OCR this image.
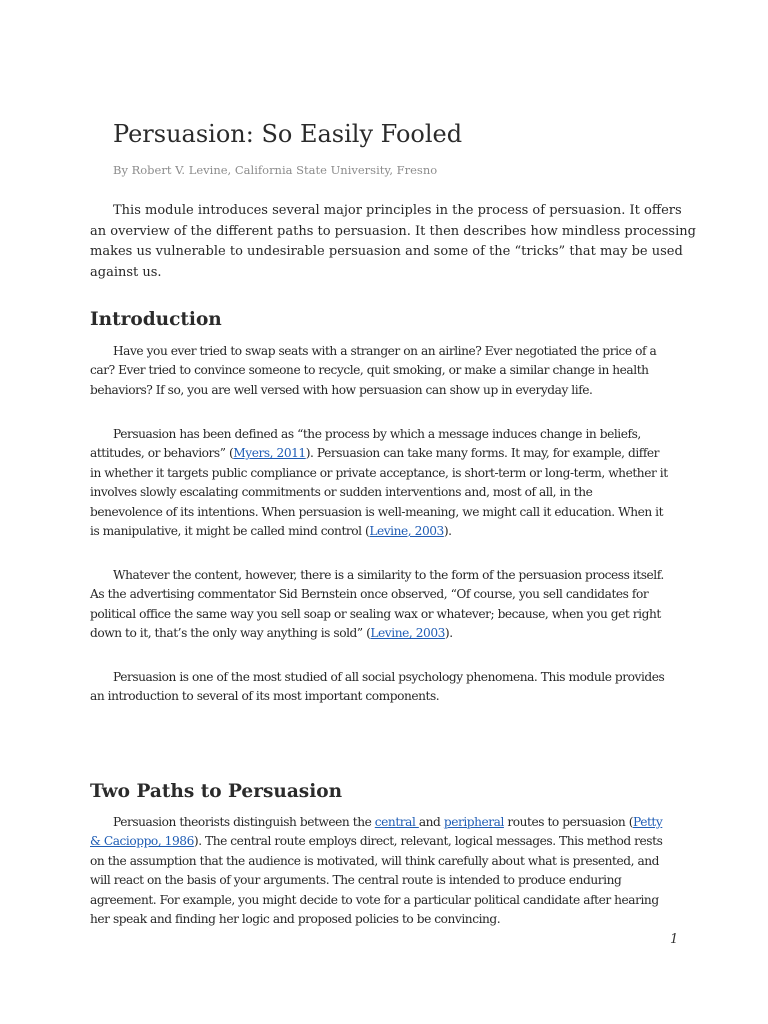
Persuasion: So Easily Fooled
By Robert V. Levine, California State University, Fresno

This module introduces several major principles in the process of persuasion. It offers
an overview of the different paths to persuasion. It then describes how mindless processing
makes us vulnerable to undesirable persuasion and some of the “tricks” that may be used
against us.

Introduction

Have you ever tried to swap seats with a stranger on an airline? Ever negotiated the price of a
car? Ever tried to convince someone to recycle, quit smoking, or make a similar change in health
behaviors? If so, you are well versed with how persuasion can show up in everyday life.

Persuasion has been defined as “the process by which a message induces change in beliefs,
attitudes, or behaviors” (Myers, 2011). Persuasion can take many forms. It may, for example, differ
in whether it targets public compliance or private acceptance, is short-term or long-term, whether it
involves slowly escalating commitments or sudden interventions and, most of all, in the
benevolence of its intentions. When persuasion is well-meaning, we might call it education. When it
is manipulative, it might be called mind control (Levine, 2003).

Whatever the content, however, there is a similarity to the form of the persuasion process itself.
As the advertising commentator Sid Bernstein once observed, “Of course, you sell candidates for
political office the same way you sell soap or sealing wax or whatever; because, when you get right
down to it, that’s the only way anything is sold” (Levine, 2003).

Persuasion is one of the most studied of all social psychology phenomena. This module provides
an introduction to several of its most important components.

Two Paths to Persuasion

Persuasion theorists distinguish between the central and peripheral routes to persuasion (Petty
& Cacioppo, 1986). The central route employs direct, relevant, logical messages. This method rests
on the assumption that the audience is motivated, will think carefully about what is presented, and
will react on the basis of your arguments. The central route is intended to produce enduring
agreement. For example, you might decide to vote for a particular political candidate after hearing
her speak and finding her logic and proposed policies to be convincing.

1
